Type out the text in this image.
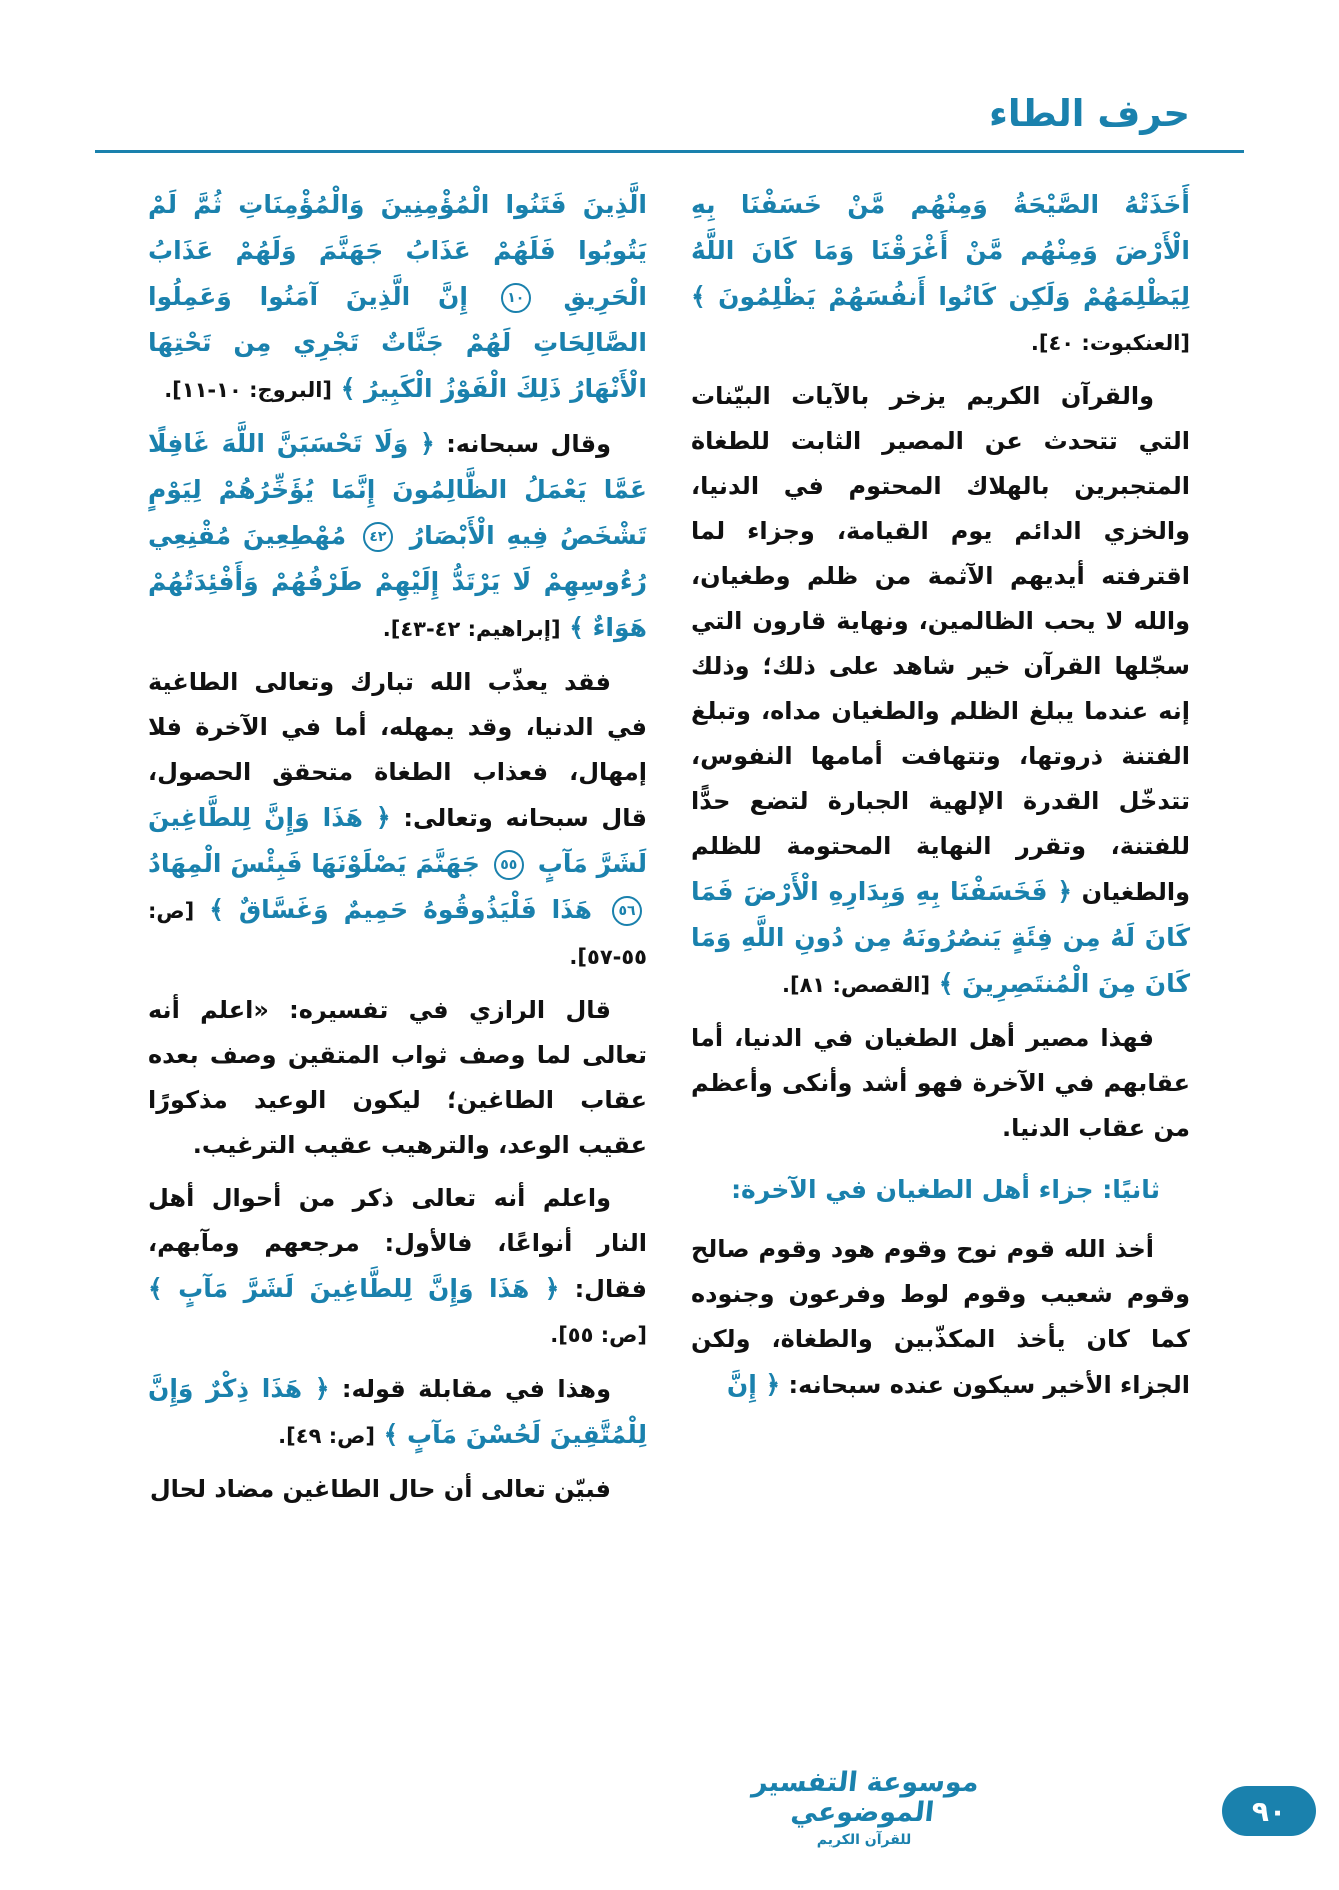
حرف الطاء

أَخَذَتْهُ الصَّيْحَةُ وَمِنْهُم مَّنْ خَسَفْنَا بِهِ الْأَرْضَ وَمِنْهُم مَّنْ أَغْرَقْنَا وَمَا كَانَ اللَّهُ لِيَظْلِمَهُمْ وَلَكِن كَانُوا أَنفُسَهُمْ يَظْلِمُونَ ﴾ [العنكبوت: ٤٠].

والقرآن الكريم يزخر بالآيات البيّنات التي تتحدث عن المصير الثابت للطغاة المتجبرين بالهلاك المحتوم في الدنيا، والخزي الدائم يوم القيامة، وجزاء لما اقترفته أيديهم الآثمة من ظلم وطغيان، والله لا يحب الظالمين، ونهاية قارون التي سجّلها القرآن خير شاهد على ذلك؛ وذلك إنه عندما يبلغ الظلم والطغيان مداه، وتبلغ الفتنة ذروتها، وتتهافت أمامها النفوس، تتدخّل القدرة الإلهية الجبارة لتضع حدًّا للفتنة، وتقرر النهاية المحتومة للظلم والطغيان ﴿ فَخَسَفْنَا بِهِ وَبِدَارِهِ الْأَرْضَ فَمَا كَانَ لَهُ مِن فِئَةٍ يَنصُرُونَهُ مِن دُونِ اللَّهِ وَمَا كَانَ مِنَ الْمُنتَصِرِينَ ﴾ [القصص: ٨١].

فهذا مصير أهل الطغيان في الدنيا، أما عقابهم في الآخرة فهو أشد وأنكى وأعظم من عقاب الدنيا.

ثانيًا: جزاء أهل الطغيان في الآخرة:

أخذ الله قوم نوح وقوم هود وقوم صالح وقوم شعيب وقوم لوط وفرعون وجنوده كما كان يأخذ المكذّبين والطغاة، ولكن الجزاء الأخير سيكون عنده سبحانه: ﴿ إِنَّ

الَّذِينَ فَتَنُوا الْمُؤْمِنِينَ وَالْمُؤْمِنَاتِ ثُمَّ لَمْ يَتُوبُوا فَلَهُمْ عَذَابُ جَهَنَّمَ وَلَهُمْ عَذَابُ الْحَرِيقِ ١٠ إِنَّ الَّذِينَ آمَنُوا وَعَمِلُوا الصَّالِحَاتِ لَهُمْ جَنَّاتٌ تَجْرِي مِن تَحْتِهَا الْأَنْهَارُ ذَلِكَ الْفَوْزُ الْكَبِيرُ ﴾ [البروج: ١٠-١١].

وقال سبحانه: ﴿ وَلَا تَحْسَبَنَّ اللَّهَ غَافِلًا عَمَّا يَعْمَلُ الظَّالِمُونَ إِنَّمَا يُؤَخِّرُهُمْ لِيَوْمٍ تَشْخَصُ فِيهِ الْأَبْصَارُ ٤٢ مُهْطِعِينَ مُقْنِعِي رُءُوسِهِمْ لَا يَرْتَدُّ إِلَيْهِمْ طَرْفُهُمْ وَأَفْئِدَتُهُمْ هَوَاءٌ ﴾ [إبراهيم: ٤٢-٤٣].

فقد يعذّب الله تبارك وتعالى الطاغية في الدنيا، وقد يمهله، أما في الآخرة فلا إمهال، فعذاب الطغاة متحقق الحصول، قال سبحانه وتعالى: ﴿ هَذَا وَإِنَّ لِلطَّاغِينَ لَشَرَّ مَآبٍ ٥٥ جَهَنَّمَ يَصْلَوْنَهَا فَبِئْسَ الْمِهَادُ ٥٦ هَذَا فَلْيَذُوقُوهُ حَمِيمٌ وَغَسَّاقٌ ﴾ [ص: ٥٥-٥٧].

قال الرازي في تفسيره: «اعلم أنه تعالى لما وصف ثواب المتقين وصف بعده عقاب الطاغين؛ ليكون الوعيد مذكورًا عقيب الوعد، والترهيب عقيب الترغيب.

واعلم أنه تعالى ذكر من أحوال أهل النار أنواعًا، فالأول: مرجعهم ومآبهم، فقال: ﴿ هَذَا وَإِنَّ لِلطَّاغِينَ لَشَرَّ مَآبٍ ﴾ [ص: ٥٥].

وهذا في مقابلة قوله: ﴿ هَذَا ذِكْرٌ وَإِنَّ لِلْمُتَّقِينَ لَحُسْنَ مَآبٍ ﴾ [ص: ٤٩].

فبيّن تعالى أن حال الطاغين مضاد لحال

موسوعة التفسير الموضوعي
للقرآن الكريم
٩٠
